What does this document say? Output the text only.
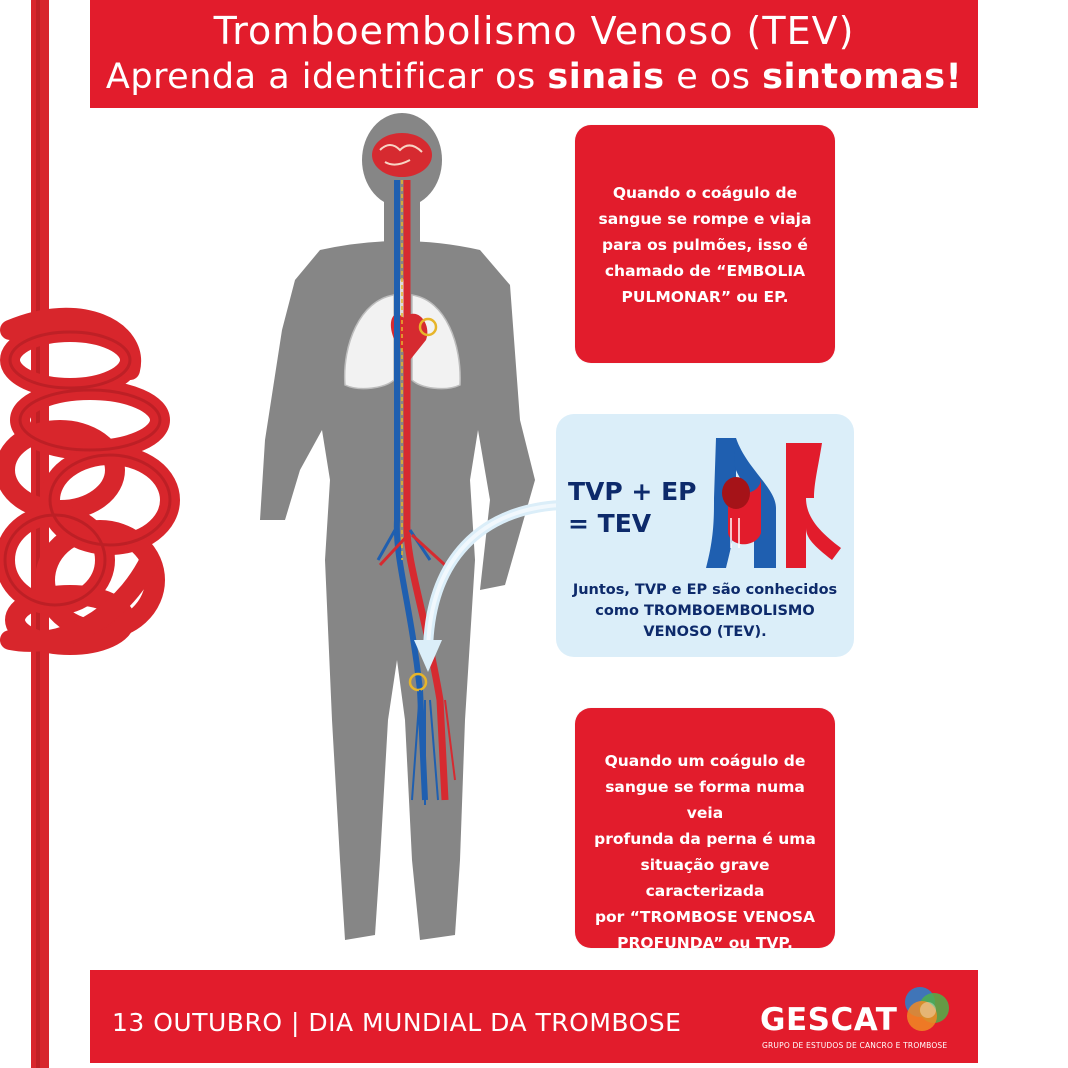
Tromboembolismo Venoso (TEV)
Aprenda a identificar os sinais e os sintomas!
Quando o coágulo de
sangue se rompe e viaja
para os pulmões, isso é
chamado de “EMBOLIA
PULMONAR” ou EP.
TVP + EP
= TEV
Juntos, TVP e EP são conhecidos
como TROMBOEMBOLISMO
VENOSO (TEV).
Quando um coágulo de
sangue se forma numa veia
profunda da perna é uma
situação grave caracterizada
por “TROMBOSE VENOSA
PROFUNDA” ou TVP.
13 OUTUBRO | DIA MUNDIAL DA TROMBOSE	GESCAT
GRUPO DE ESTUDOS DE CANCRO E TROMBOSE
